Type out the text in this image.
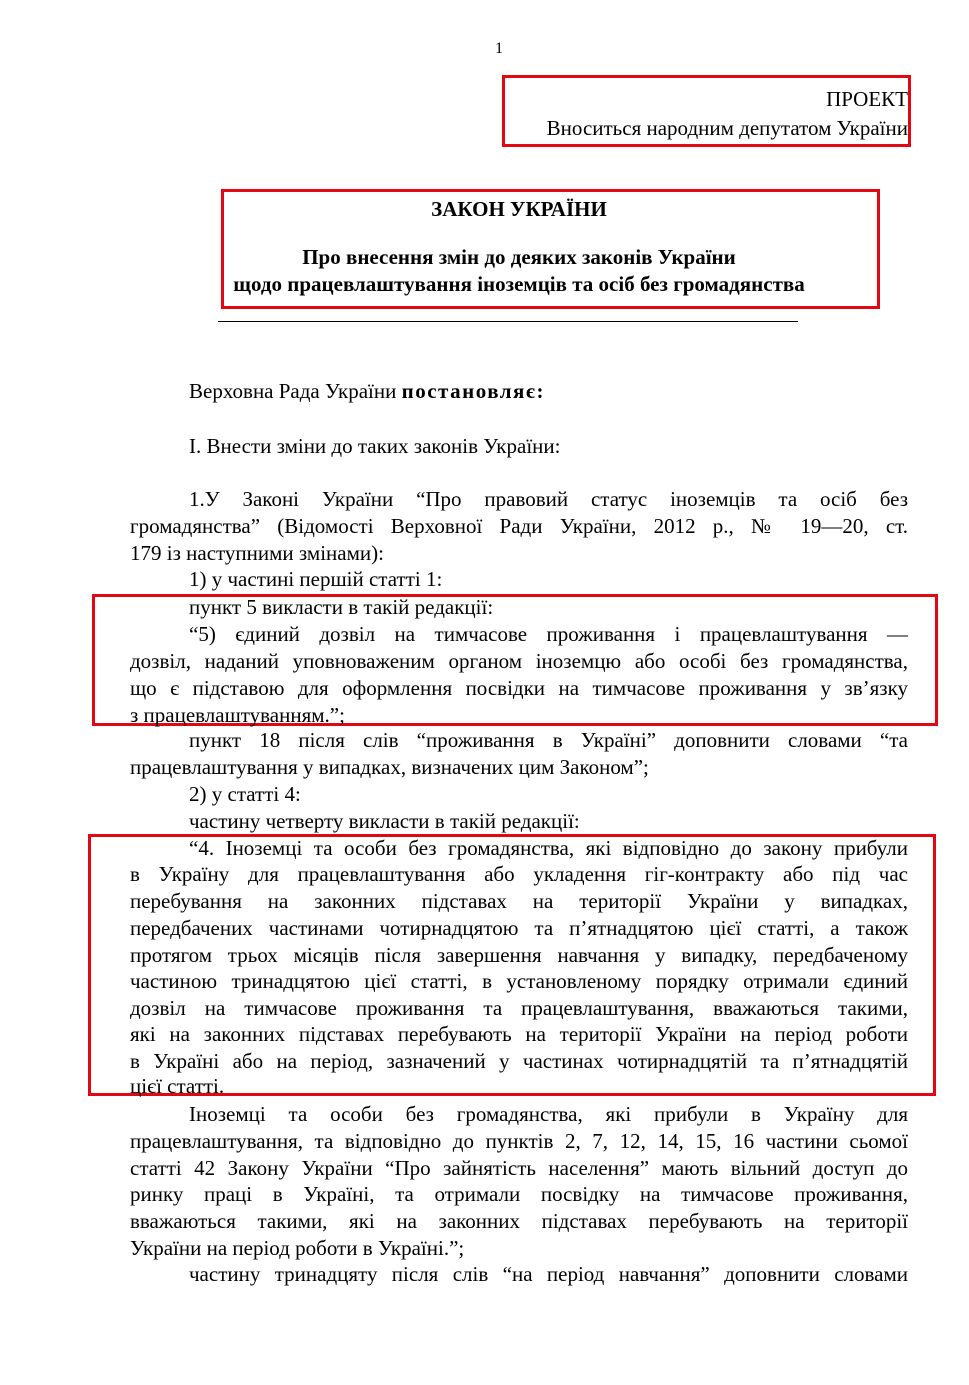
1
ПРОЕКТ
Вноситься народним депутатом України
ЗАКОН УКРАЇНИ
Про внесення змін до деяких законів України
щодо працевлаштування іноземців та осіб без громадянства
Верховна Рада України постановляє:
І. Внести зміни до таких законів України:
1.У Законі України “Про правовий статус іноземців та осіб без
громадянства” (Відомості Верховної Ради України, 2012 р., № 19—20, ст.
179 із наступними змінами):
1) у частині першій статті 1:
пункт 5 викласти в такій редакції:
“5) єдиний дозвіл на тимчасове проживання і працевлаштування —
дозвіл, наданий уповноваженим органом іноземцю або особі без громадянства,
що є підставою для оформлення посвідки на тимчасове проживання у зв’язку
з працевлаштуванням.”;
пункт 18 після слів “проживання в Україні” доповнити словами “та
працевлаштування у випадках, визначених цим Законом”;
2) у статті 4:
частину четверту викласти в такій редакції:
“4. Іноземці та особи без громадянства, які відповідно до закону прибули
в Україну для працевлаштування або укладення гіг-контракту або під час
перебування на законних підставах на території України у випадках,
передбачених частинами чотирнадцятою та п’ятнадцятою цієї статті, а також
протягом трьох місяців після завершення навчання у випадку, передбаченому
частиною тринадцятою цієї статті, в установленому порядку отримали єдиний
дозвіл на тимчасове проживання та працевлаштування, вважаються такими,
які на законних підставах перебувають на території України на період роботи
в Україні або на період, зазначений у частинах чотирнадцятій та п’ятнадцятій
цієї статті.
Іноземці та особи без громадянства, які прибули в Україну для
працевлаштування, та відповідно до пунктів 2, 7, 12, 14, 15, 16 частини сьомої
статті 42 Закону України “Про зайнятість населення” мають вільний доступ до
ринку праці в Україні, та отримали посвідку на тимчасове проживання,
вважаються такими, які на законних підставах перебувають на території
України на період роботи в Україні.”;
частину тринадцяту після слів “на період навчання” доповнити словами
